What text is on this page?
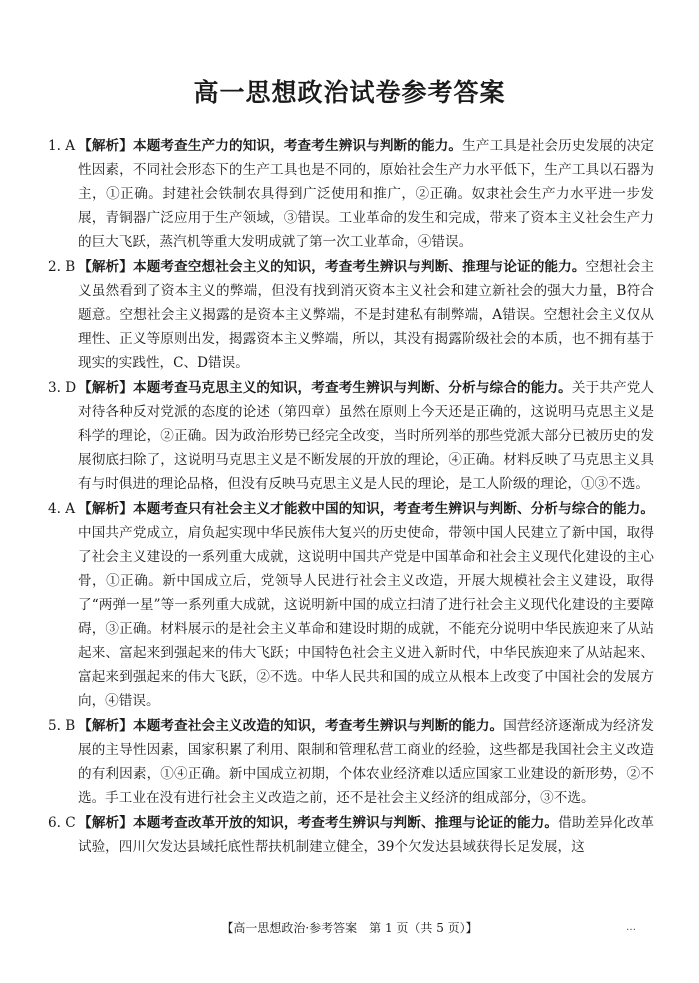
高一思想政治试卷参考答案
1. A 【解析】本题考查生产力的知识，考查考生辨识与判断的能力。生产工具是社会历史发展的决定性因素，不同社会形态下的生产工具也是不同的，原始社会生产力水平低下，生产工具以石器为主，①正确。封建社会铁制农具得到广泛使用和推广，②正确。奴隶社会生产力水平进一步发展，青铜器广泛应用于生产领域，③错误。工业革命的发生和完成，带来了资本主义社会生产力的巨大飞跃，蒸汽机等重大发明成就了第一次工业革命，④错误。
2. B 【解析】本题考查空想社会主义的知识，考查考生辨识与判断、推理与论证的能力。空想社会主义虽然看到了资本主义的弊端，但没有找到消灭资本主义社会和建立新社会的强大力量，B符合题意。空想社会主义揭露的是资本主义弊端，不是封建私有制弊端，A错误。空想社会主义仅从理性、正义等原则出发，揭露资本主义弊端，所以，其没有揭露阶级社会的本质，也不拥有基于现实的实践性，C、D错误。
3. D 【解析】本题考查马克思主义的知识，考查考生辨识与判断、分析与综合的能力。关于共产党人对待各种反对党派的态度的论述（第四章）虽然在原则上今天还是正确的，这说明马克思主义是科学的理论，②正确。因为政治形势已经完全改变，当时所列举的那些党派大部分已被历史的发展彻底扫除了，这说明马克思主义是不断发展的开放的理论，④正确。材料反映了马克思主义具有与时俱进的理论品格，但没有反映马克思主义是人民的理论，是工人阶级的理论，①③不选。
4. A 【解析】本题考查只有社会主义才能救中国的知识，考查考生辨识与判断、分析与综合的能力。中国共产党成立，肩负起实现中华民族伟大复兴的历史使命，带领中国人民建立了新中国，取得了社会主义建设的一系列重大成就，这说明中国共产党是中国革命和社会主义现代化建设的主心骨，①正确。新中国成立后，党领导人民进行社会主义改造，开展大规模社会主义建设，取得了“两弹一星”等一系列重大成就，这说明新中国的成立扫清了进行社会主义现代化建设的主要障碍，③正确。材料展示的是社会主义革命和建设时期的成就，不能充分说明中华民族迎来了从站起来、富起来到强起来的伟大飞跃；中国特色社会主义进入新时代，中华民族迎来了从站起来、富起来到强起来的伟大飞跃，②不选。中华人民共和国的成立从根本上改变了中国社会的发展方向，④错误。
5. B 【解析】本题考查社会主义改造的知识，考查考生辨识与判断的能力。国营经济逐渐成为经济发展的主导性因素，国家积累了利用、限制和管理私营工商业的经验，这些都是我国社会主义改造的有利因素，①④正确。新中国成立初期，个体农业经济难以适应国家工业建设的新形势，②不选。手工业在没有进行社会主义改造之前，还不是社会主义经济的组成部分，③不选。
6. C 【解析】本题考查改革开放的知识，考查考生辨识与判断、推理与论证的能力。借助差异化改革试验，四川欠发达县域托底性帮扶机制建立健全，39个欠发达县域获得长足发展，这
【高一思想政治·参考答案　第 1 页（共 5 页）】	…
